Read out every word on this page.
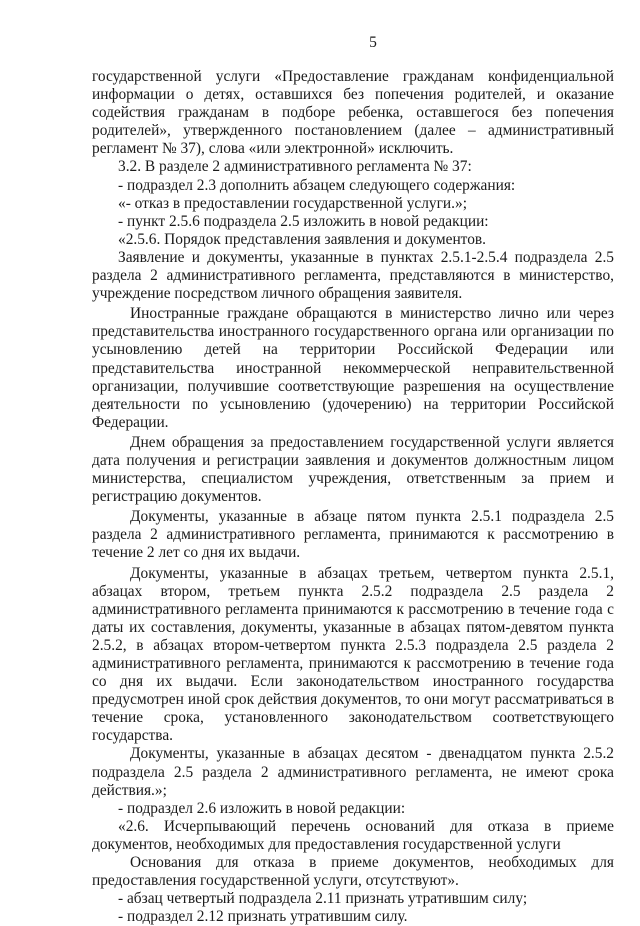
5

государственной услуги «Предоставление гражданам конфиденциальной информации о детях, оставшихся без попечения родителей, и оказание содействия гражданам в подборе ребенка, оставшегося без попечения родителей», утвержденного постановлением (далее – административный регламент № 37), слова «или электронной» исключить.

3.2. В разделе 2 административного регламента № 37:

- подраздел 2.3 дополнить абзацем следующего содержания:

«- отказ в предоставлении государственной услуги.»;

- пункт 2.5.6 подраздела 2.5 изложить в новой редакции:

«2.5.6. Порядок представления заявления и документов.

Заявление и документы, указанные в пунктах 2.5.1-2.5.4 подраздела 2.5 раздела 2 административного регламента, представляются в министерство, учреждение посредством личного обращения заявителя.

Иностранные граждане обращаются в министерство лично или через представительства иностранного государственного органа или организации по усыновлению детей на территории Российской Федерации или представительства иностранной некоммерческой неправительственной организации, получившие соответствующие разрешения на осуществление деятельности по усыновлению (удочерению) на территории Российской Федерации.

Днем обращения за предоставлением государственной услуги является дата получения и регистрации заявления и документов должностным лицом министерства, специалистом учреждения, ответственным за прием и регистрацию документов.

Документы, указанные в абзаце пятом пункта 2.5.1 подраздела 2.5 раздела 2 административного регламента, принимаются к рассмотрению в течение 2 лет со дня их выдачи.

Документы, указанные в абзацах третьем, четвертом пункта 2.5.1, абзацах втором, третьем пункта 2.5.2 подраздела 2.5 раздела 2 административного регламента принимаются к рассмотрению в течение года с даты их составления, документы, указанные в абзацах пятом-девятом пункта 2.5.2, в абзацах втором-четвертом пункта 2.5.3 подраздела 2.5 раздела 2 административного регламента, принимаются к рассмотрению в течение года со дня их выдачи. Если законодательством иностранного государства предусмотрен иной срок действия документов, то они могут рассматриваться в течение срока, установленного законодательством соответствующего государства.

Документы, указанные в абзацах десятом - двенадцатом пункта 2.5.2 подраздела 2.5 раздела 2 административного регламента, не имеют срока действия.»;

- подраздел 2.6 изложить в новой редакции:

«2.6. Исчерпывающий перечень оснований для отказа в приеме документов, необходимых для предоставления государственной услуги

Основания для отказа в приеме документов, необходимых для предоставления государственной услуги, отсутствуют».

- абзац четвертый подраздела 2.11 признать утратившим силу;

- подраздел 2.12 признать утратившим силу.
